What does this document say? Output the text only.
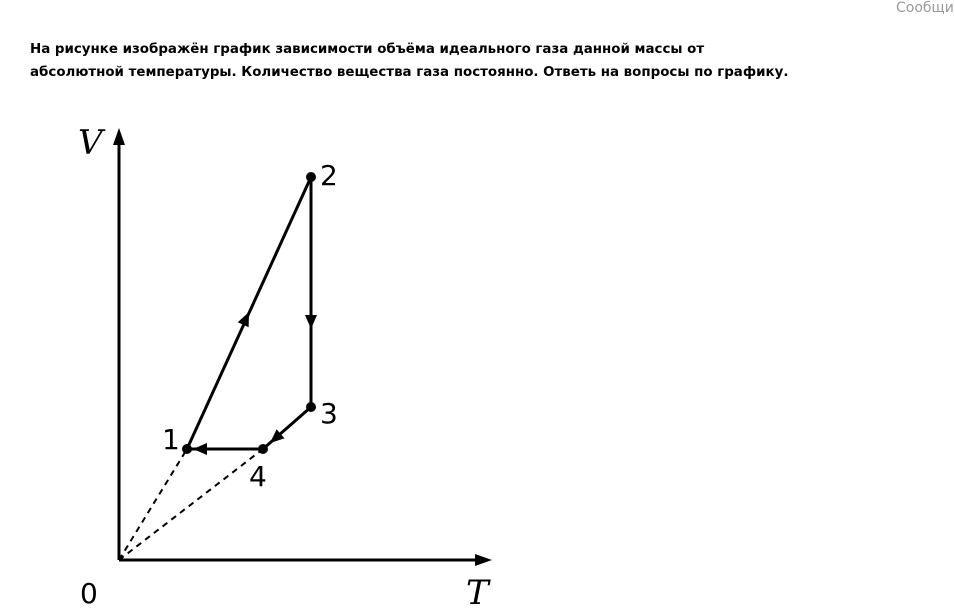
Сообщи
На рисунке изображён график зависимости объёма идеального газа данной массы от
абсолютной температуры. Количество вещества газа постоянно. Ответь на вопросы по графику.
V
T
0
1
2
3
4
